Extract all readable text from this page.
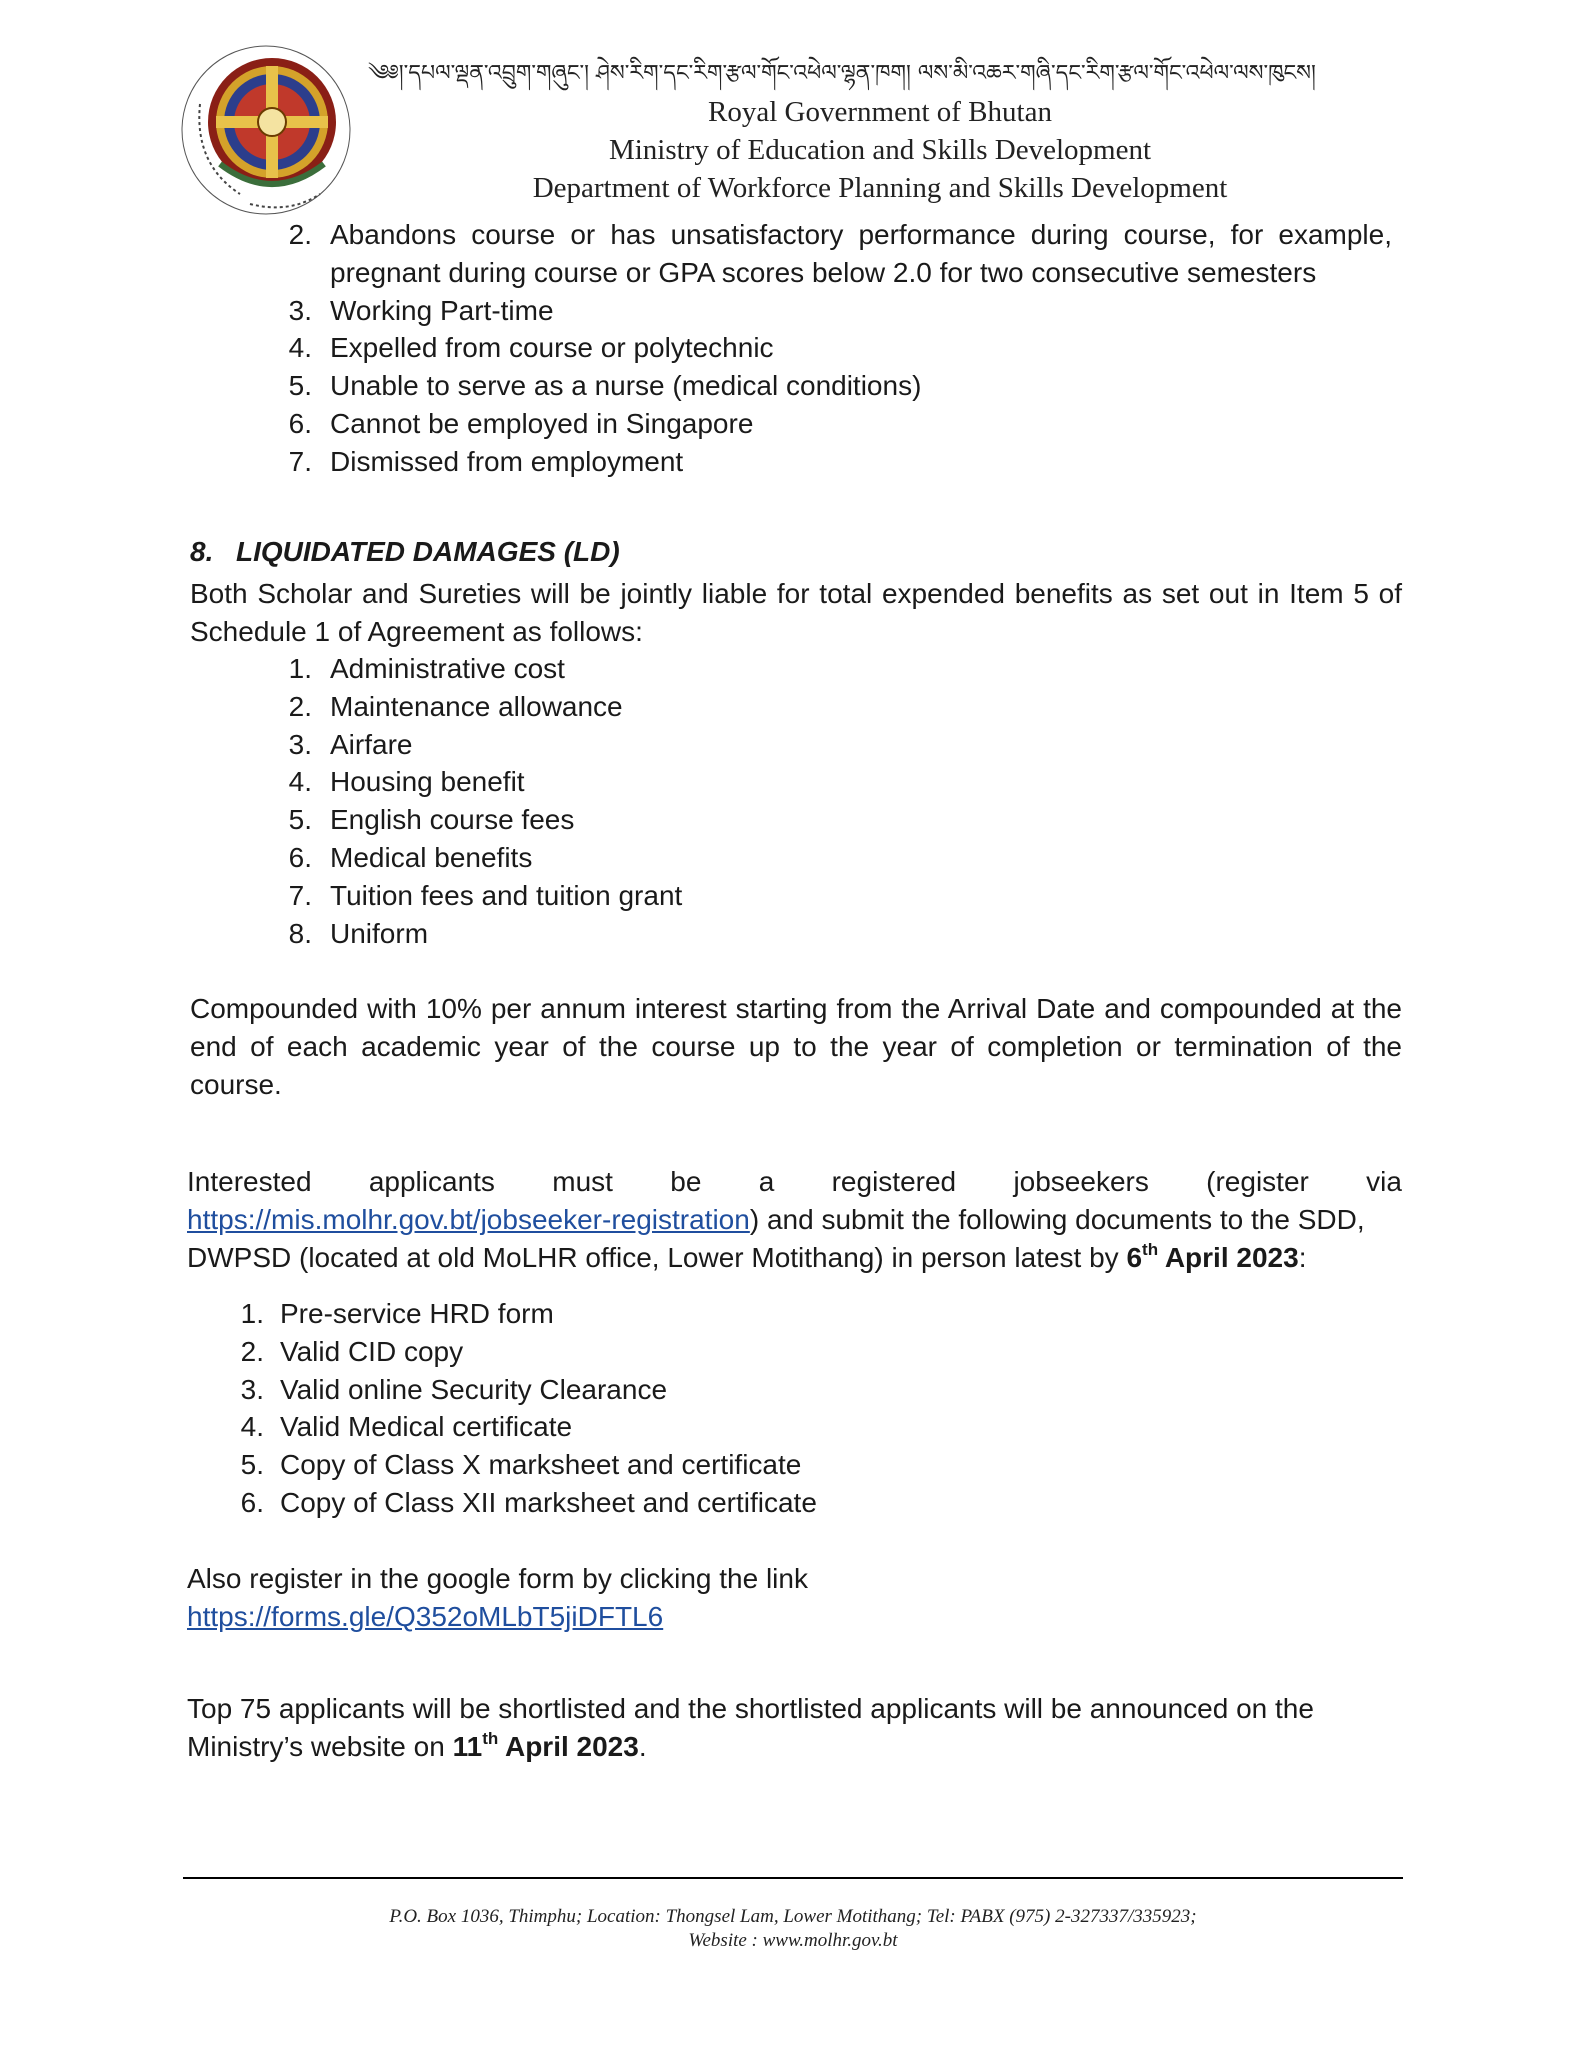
༄༅།་དཔལ་ལྡན་འབྲུག་གཞུང་། ཤེས་རིག་དང་རིག་རྩལ་གོང་འཕེལ་ལྷན་ཁག། ལས་མི་འཆར་གཞི་དང་རིག་རྩལ་གོང་འཕེལ་ལས་ཁུངས།
Royal Government of Bhutan
Ministry of Education and Skills Development
Department of Workforce Planning and Skills Development
2. Abandons course or has unsatisfactory performance during course, for example, pregnant during course or GPA scores below 2.0 for two consecutive semesters
3. Working Part-time
4. Expelled from course or polytechnic
5. Unable to serve as a nurse (medical conditions)
6. Cannot be employed in Singapore
7. Dismissed from employment
8. LIQUIDATED DAMAGES (LD)
Both Scholar and Sureties will be jointly liable for total expended benefits as set out in Item 5 of Schedule 1 of Agreement as follows:
1. Administrative cost
2. Maintenance allowance
3. Airfare
4. Housing benefit
5. English course fees
6. Medical benefits
7. Tuition fees and tuition grant
8. Uniform
Compounded with 10% per annum interest starting from the Arrival Date and compounded at the end of each academic year of the course up to the year of completion or termination of the course.
Interested applicants must be a registered jobseekers (register via
https://mis.molhr.gov.bt/jobseeker-registration) and submit the following documents to the SDD,
DWPSD (located at old MoLHR office, Lower Motithang) in person latest by 6th April 2023:
1. Pre-service HRD form
2. Valid CID copy
3. Valid online Security Clearance
4. Valid Medical certificate
5. Copy of Class X marksheet and certificate
6. Copy of Class XII marksheet and certificate
Also register in the google form by clicking the link
https://forms.gle/Q352oMLbT5jiDFTL6
Top 75 applicants will be shortlisted and the shortlisted applicants will be announced on the
Ministry’s website on 11th April 2023.
P.O. Box 1036, Thimphu; Location: Thongsel Lam, Lower Motithang; Tel: PABX (975) 2-327337/335923;
Website : www.molhr.gov.bt
